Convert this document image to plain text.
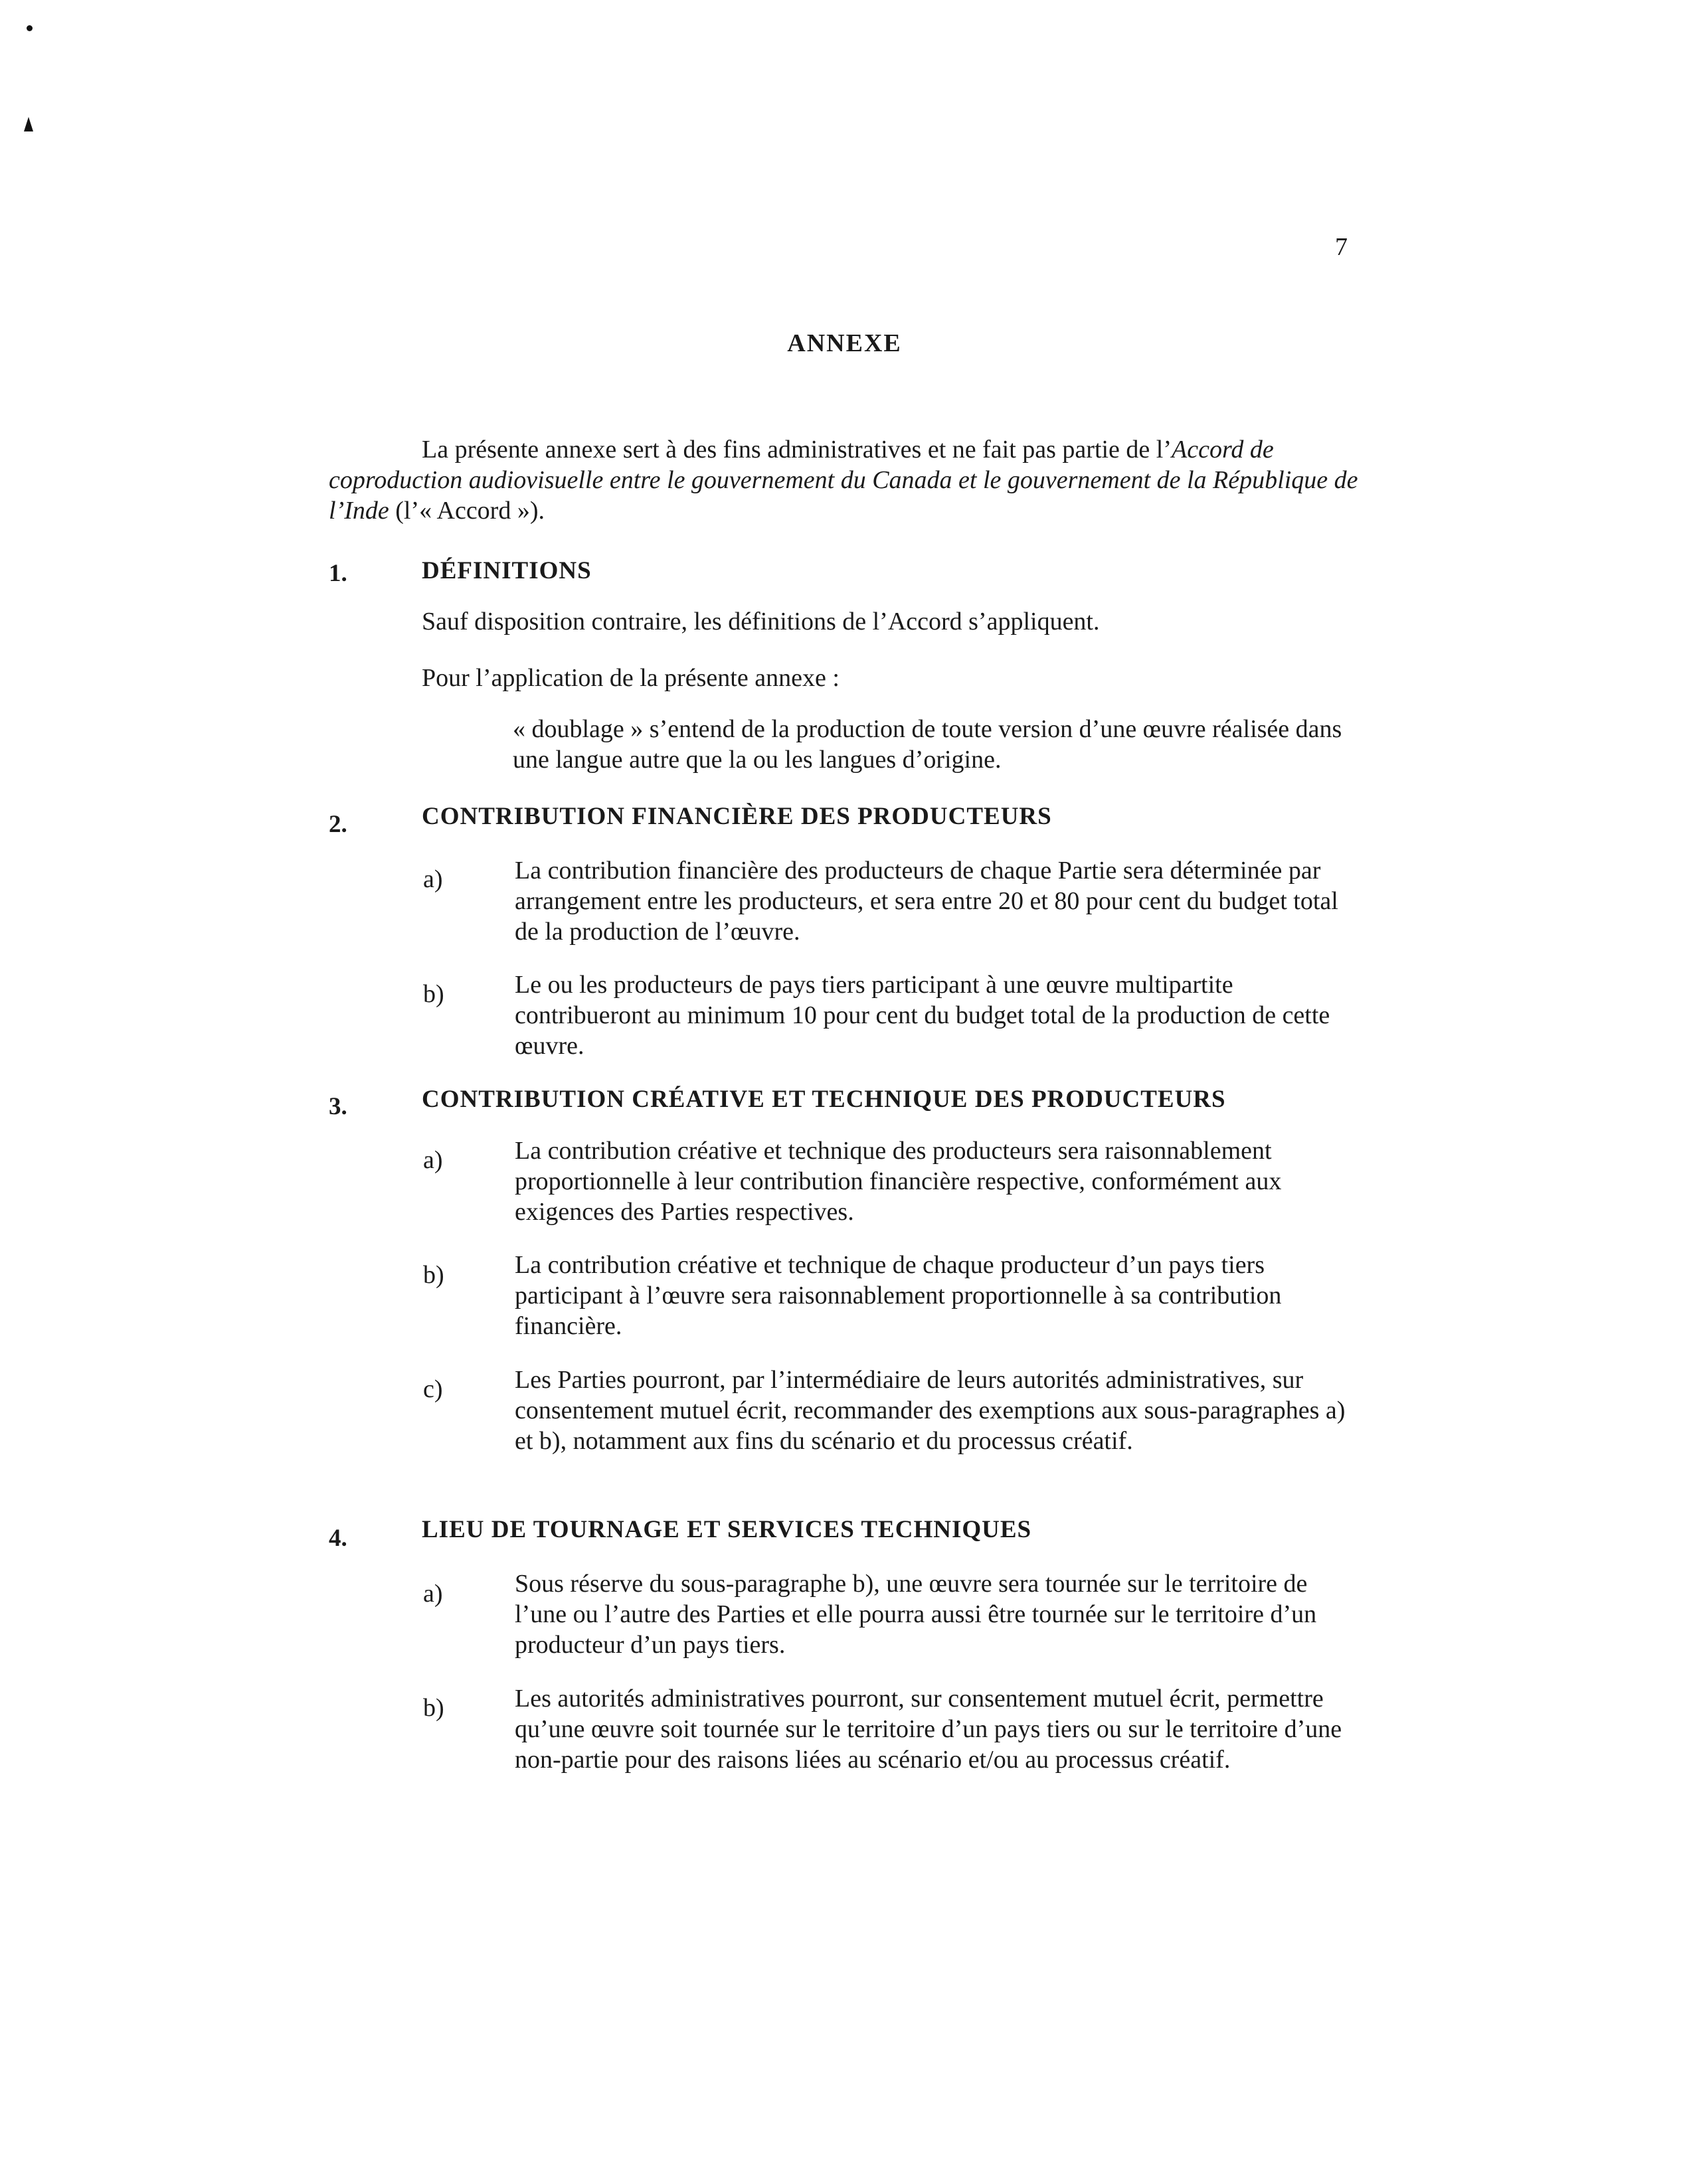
7
ANNEXE
La présente annexe sert à des fins administratives et ne fait pas partie de l’Accord de coproduction audiovisuelle entre le gouvernement du Canada et le gouvernement de la République de l’Inde (l’« Accord »).
1.	DÉFINITIONS
Sauf disposition contraire, les définitions de l’Accord s’appliquent.
Pour l’application de la présente annexe :
« doublage » s’entend de la production de toute version d’une œuvre réalisée dans une langue autre que la ou les langues d’origine.
2.	CONTRIBUTION FINANCIÈRE DES PRODUCTEURS
a)	La contribution financière des producteurs de chaque Partie sera déterminée par arrangement entre les producteurs, et sera entre 20 et 80 pour cent du budget total de la production de l’œuvre.
b)	Le ou les producteurs de pays tiers participant à une œuvre multipartite contribueront au minimum 10 pour cent du budget total de la production de cette œuvre.
3.	CONTRIBUTION CRÉATIVE ET TECHNIQUE DES PRODUCTEURS
a)	La contribution créative et technique des producteurs sera raisonnablement proportionnelle à leur contribution financière respective, conformément aux exigences des Parties respectives.
b)	La contribution créative et technique de chaque producteur d’un pays tiers participant à l’œuvre sera raisonnablement proportionnelle à sa contribution financière.
c)	Les Parties pourront, par l’intermédiaire de leurs autorités administratives, sur consentement mutuel écrit, recommander des exemptions aux sous-paragraphes a) et b), notamment aux fins du scénario et du processus créatif.
4.	LIEU DE TOURNAGE ET SERVICES TECHNIQUES
a)	Sous réserve du sous-paragraphe b), une œuvre sera tournée sur le territoire de l’une ou l’autre des Parties et elle pourra aussi être tournée sur le territoire d’un producteur d’un pays tiers.
b)	Les autorités administratives pourront, sur consentement mutuel écrit, permettre qu’une œuvre soit tournée sur le territoire d’un pays tiers ou sur le territoire d’une non-partie pour des raisons liées au scénario et/ou au processus créatif.
